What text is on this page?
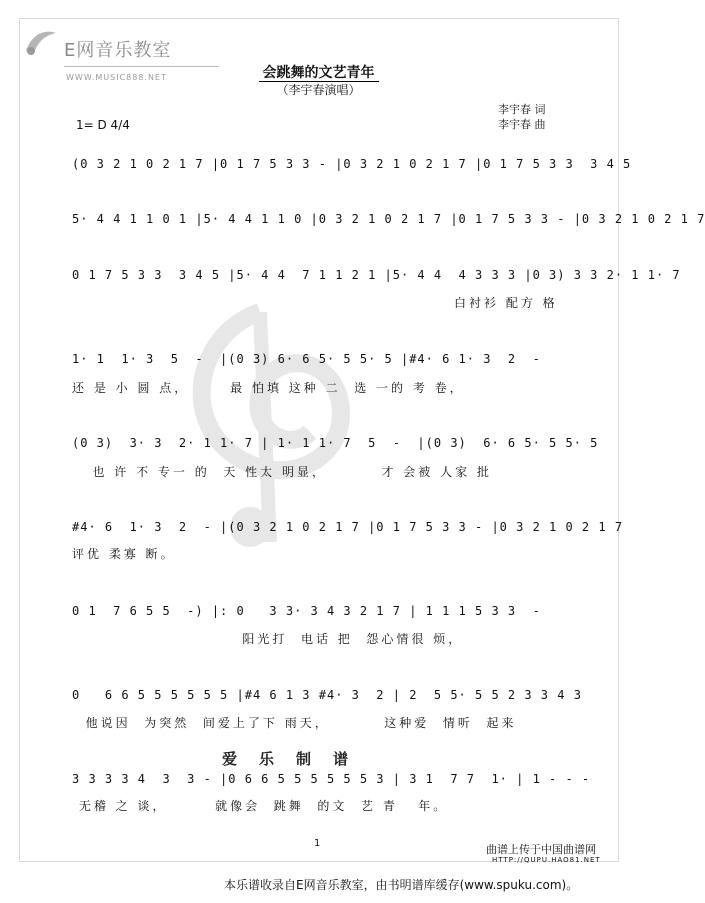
E网音乐教室
WWW.MUSIC888.NET	会跳舞的文艺青年
（李宇春演唱）
1= D 4/4
李宇春 词
李宇春 曲
(0 3 2 1 0 2 1 7 |0 1 7 5 3 3 - |0 3 2 1 0 2 1 7 |0 1 7 5 3 3  3 4 5
5· 4 4 1 1 0 1 |5· 4 4 1 1 0 |0 3 2 1 0 2 1 7 |0 1 7 5 3 3 - |0 3 2 1 0 2 1 7
0 1 7 5 3 3  3 4 5 |5· 4 4  7 1 1 2 1 |5· 4 4  4 3 3 3 |0 3) 3 3 2· 1 1· 7
白衬衫 配方 格
1· 1  1· 3  5  -  |(0 3) 6· 6 5· 5 5· 5 |#4· 6 1· 3  2  -
还 是 小 圆 点，      最 怕填 这种 二  选 一的 考 卷，
(0 3)  3· 3  2· 1 1· 7 | 1· 1 1· 7  5  -  |(0 3)  6· 6 5· 5 5· 5
也 许 不 专一 的  天 性太 明显，        才 会被 人家 批
#4· 6  1· 3  2  - |(0 3 2 1 0 2 1 7 |0 1 7 5 3 3 - |0 3 2 1 0 2 1 7
评优 柔寡 断。
0 1  7 6 5 5  -) |: 0   3 3· 3 4 3 2 1 7 | 1 1 1 5 3 3  -
阳光打  电话 把  怨心情很 烦，
0   6 6 5 5 5 5 5 5 |#4 6 1 3 #4· 3  2 | 2  5 5· 5 5 2 3 3 4 3
他说因  为突然  间爱上了下 雨天，        这种爱  情听  起来
爱乐制谱
3 3 3 3 4  3  3 - |0 6 6 5 5 5 5 5 5 3 | 3 1  7 7  1· | 1 - - -
无稽 之 谈，       就像会  跳舞  的文  艺 青   年。
1	曲谱上传于中国曲谱网
HTTP://QUPU.HAO81.NET
本乐谱收录自E网音乐教室，由书明谱库缓存(www.spuku.com)。
